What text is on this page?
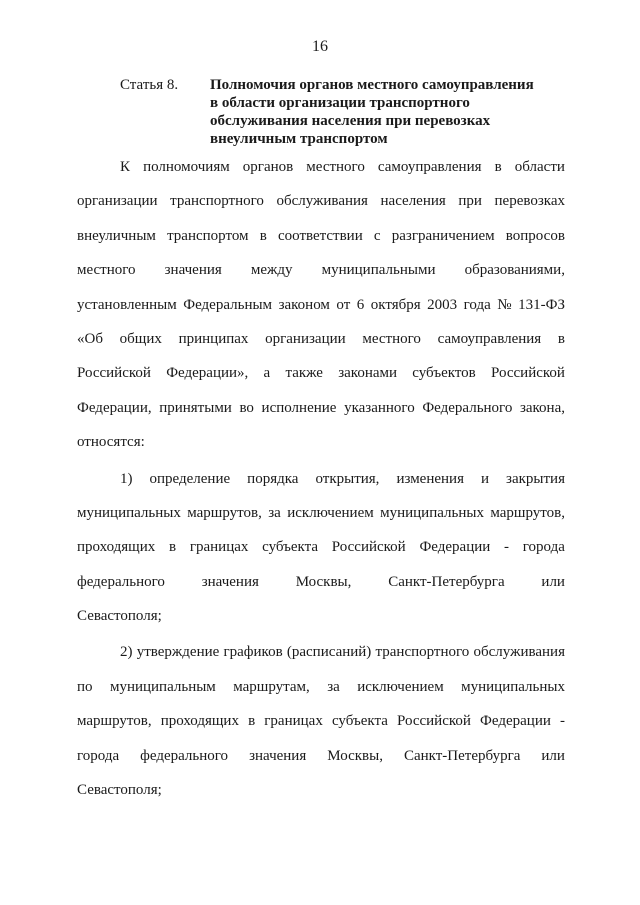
16
Статья 8. Полномочия органов местного самоуправления
в области организации транспортного
обслуживания населения при перевозках
внеуличным транспортом
К полномочиям органов местного самоуправления в области
организации транспортного обслуживания населения при перевозках
внеуличным транспортом в соответствии с разграничением вопросов
местного значения между муниципальными образованиями,
установленным Федеральным законом от 6 октября 2003 года № 131-ФЗ
«Об общих принципах организации местного самоуправления в
Российской Федерации», а также законами субъектов Российской
Федерации, принятыми во исполнение указанного Федерального закона,
относятся:
1) определение порядка открытия, изменения и закрытия
муниципальных маршрутов, за исключением муниципальных маршрутов,
проходящих в границах субъекта Российской Федерации - города
федерального значения Москвы, Санкт-Петербурга или
Севастополя;
2) утверждение графиков (расписаний) транспортного обслуживания
по муниципальным маршрутам, за исключением муниципальных
маршрутов, проходящих в границах субъекта Российской Федерации -
города федерального значения Москвы, Санкт-Петербурга или
Севастополя;
